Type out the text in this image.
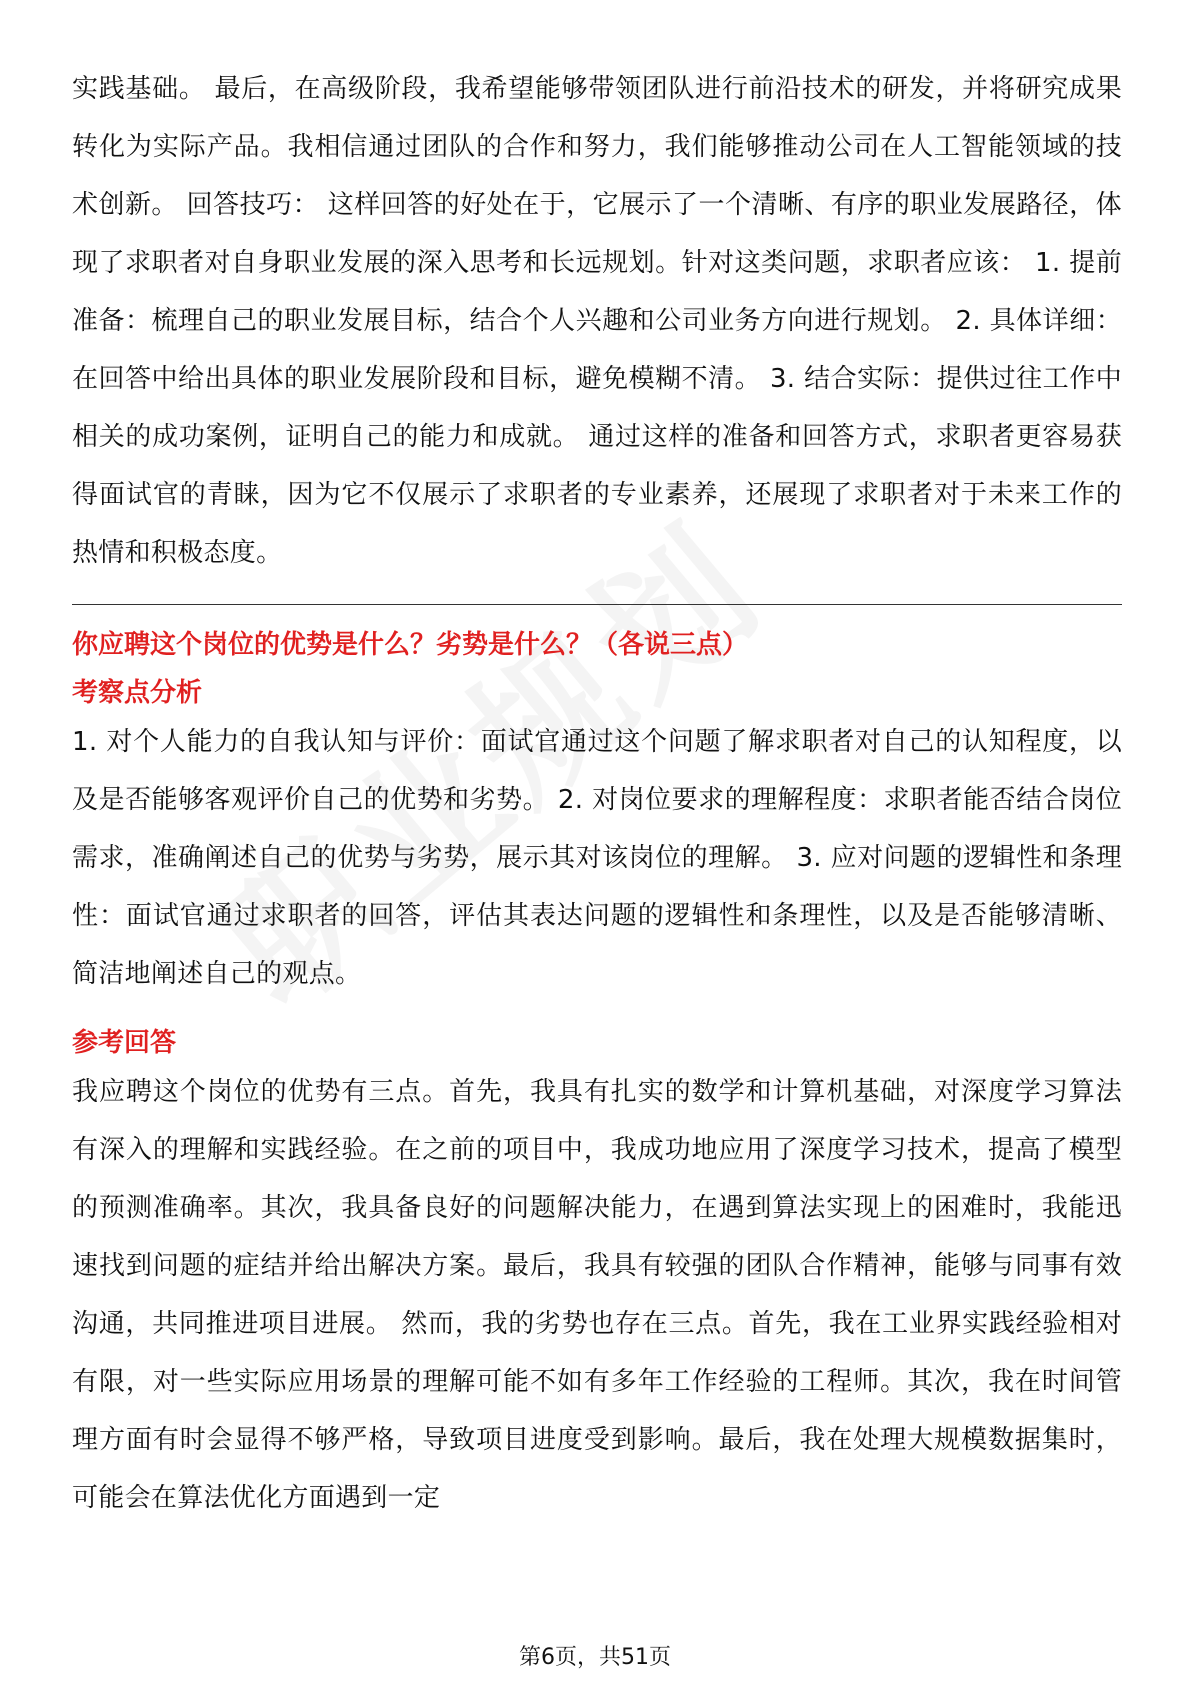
实践基础。 最后，在高级阶段，我希望能够带领团队进行前沿技术的研发，并将研究成果转化为实际产品。我相信通过团队的合作和努力，我们能够推动公司在人工智能领域的技术创新。 回答技巧： 这样回答的好处在于，它展示了一个清晰、有序的职业发展路径，体现了求职者对自身职业发展的深入思考和长远规划。针对这类问题，求职者应该： 1. 提前准备：梳理自己的职业发展目标，结合个人兴趣和公司业务方向进行规划。 2. 具体详细：在回答中给出具体的职业发展阶段和目标，避免模糊不清。 3. 结合实际：提供过往工作中相关的成功案例，证明自己的能力和成就。 通过这样的准备和回答方式，求职者更容易获得面试官的青睐，因为它不仅展示了求职者的专业素养，还展现了求职者对于未来工作的热情和积极态度。

你应聘这个岗位的优势是什么？劣势是什么？（各说三点）
考察点分析

1. 对个人能力的自我认知与评价：面试官通过这个问题了解求职者对自己的认知程度，以及是否能够客观评价自己的优势和劣势。 2. 对岗位要求的理解程度：求职者能否结合岗位需求，准确阐述自己的优势与劣势，展示其对该岗位的理解。 3. 应对问题的逻辑性和条理性：面试官通过求职者的回答，评估其表达问题的逻辑性和条理性，以及是否能够清晰、简洁地阐述自己的观点。

参考回答

我应聘这个岗位的优势有三点。首先，我具有扎实的数学和计算机基础，对深度学习算法有深入的理解和实践经验。在之前的项目中，我成功地应用了深度学习技术，提高了模型的预测准确率。其次，我具备良好的问题解决能力，在遇到算法实现上的困难时，我能迅速找到问题的症结并给出解决方案。最后，我具有较强的团队合作精神，能够与同事有效沟通，共同推进项目进展。 然而，我的劣势也存在三点。首先，我在工业界实践经验相对有限，对一些实际应用场景的理解可能不如有多年工作经验的工程师。其次，我在时间管理方面有时会显得不够严格，导致项目进度受到影响。最后，我在处理大规模数据集时，可能会在算法优化方面遇到一定

第6页，共51页
